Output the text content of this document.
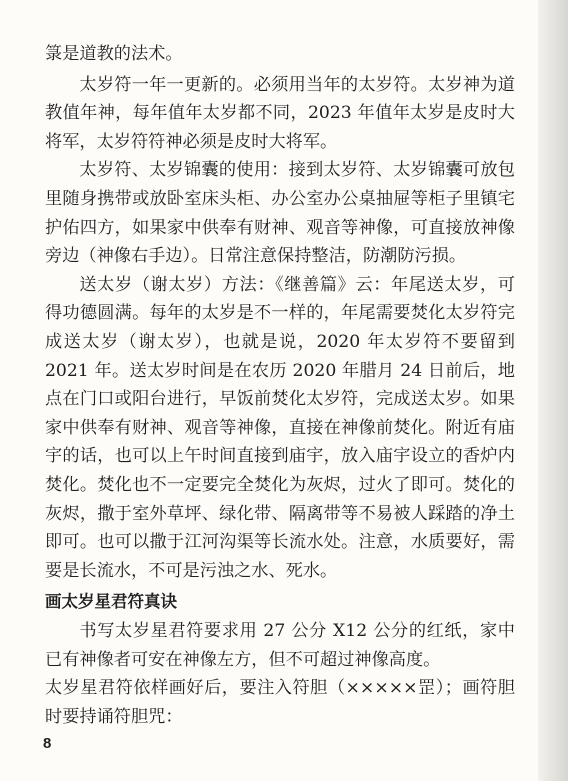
箓是道教的法术。

太岁符一年一更新的。必须用当年的太岁符。太岁神为道教值年神，每年值年太岁都不同，2023 年值年太岁是皮时大将军，太岁符符神必须是皮时大将军。

太岁符、太岁锦囊的使用：接到太岁符、太岁锦囊可放包里随身携带或放卧室床头柜、办公室办公桌抽屉等柜子里镇宅护佑四方，如果家中供奉有财神、观音等神像，可直接放神像旁边（神像右手边）。日常注意保持整洁，防潮防污损。

送太岁（谢太岁）方法：《继善篇》云：年尾送太岁，可得功德圆满。每年的太岁是不一样的，年尾需要焚化太岁符完成送太岁（谢太岁），也就是说，2020 年太岁符不要留到 2021 年。送太岁时间是在农历 2020 年腊月 24 日前后，地点在门口或阳台进行，早饭前焚化太岁符，完成送太岁。如果家中供奉有财神、观音等神像，直接在神像前焚化。附近有庙宇的话，也可以上午时间直接到庙宇，放入庙宇设立的香炉内焚化。焚化也不一定要完全焚化为灰烬，过火了即可。焚化的灰烬，撒于室外草坪、绿化带、隔离带等不易被人踩踏的净土即可。也可以撒于江河沟渠等长流水处。注意，水质要好，需要是长流水，不可是污浊之水、死水。

画太岁星君符真诀

书写太岁星君符要求用 27 公分 X12 公分的红纸，家中已有神像者可安在神像左方，但不可超过神像高度。

太岁星君符依样画好后，要注入符胆（×××××罡）；画符胆时要持诵符胆咒：

8
